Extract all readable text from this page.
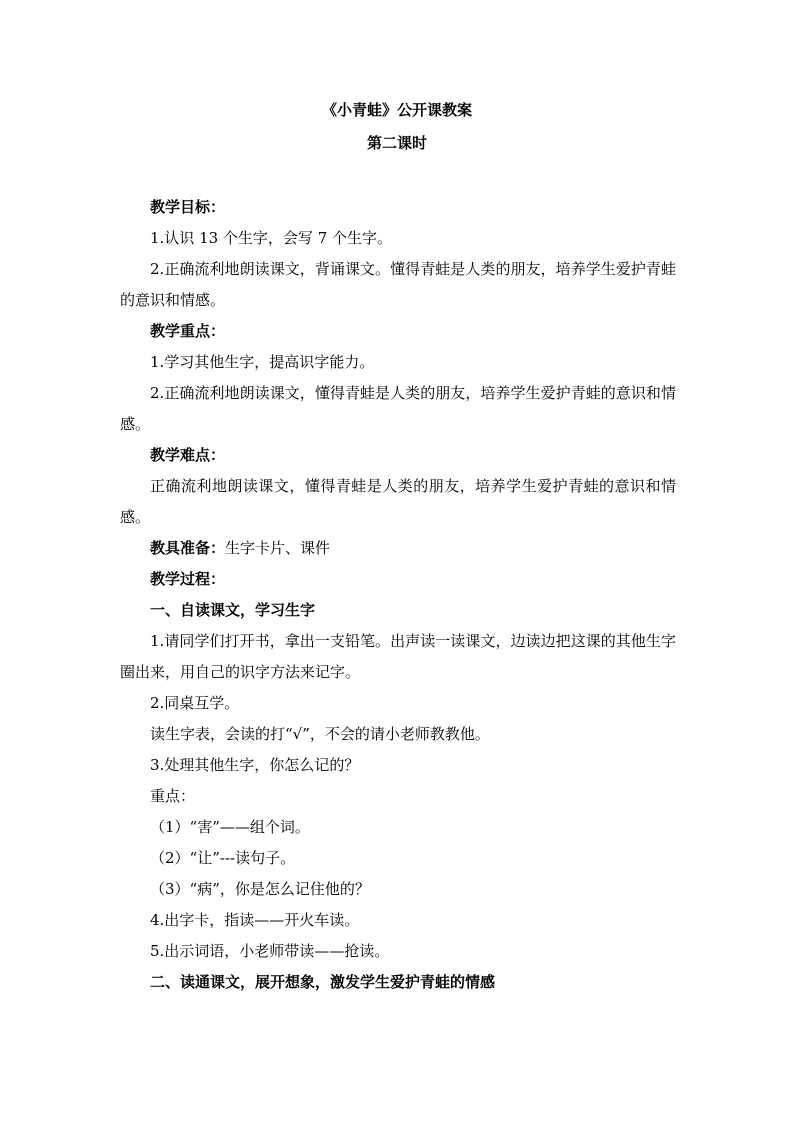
《小青蛙》公开课教案
第二课时

教学目标：

1.认识 13 个生字，会写 7 个生字。

2.正确流利地朗读课文，背诵课文。懂得青蛙是人类的朋友，培养学生爱护青蛙的意识和情感。

教学重点：

1.学习其他生字，提高识字能力。

2.正确流利地朗读课文，懂得青蛙是人类的朋友，培养学生爱护青蛙的意识和情感。

教学难点：

正确流利地朗读课文，懂得青蛙是人类的朋友，培养学生爱护青蛙的意识和情感。

教具准备：生字卡片、课件

教学过程：

一、自读课文，学习生字

1.请同学们打开书，拿出一支铅笔。出声读一读课文，边读边把这课的其他生字圈出来，用自己的识字方法来记字。

2.同桌互学。

读生字表，会读的打“√”，不会的请小老师教教他。

3.处理其他生字，你怎么记的？

重点：

（1）“害”——组个词。

（2）“让”---读句子。

（3）“病”，你是怎么记住他的？

4.出字卡，指读——开火车读。

5.出示词语，小老师带读——抢读。

二、读通课文，展开想象，激发学生爱护青蛙的情感
